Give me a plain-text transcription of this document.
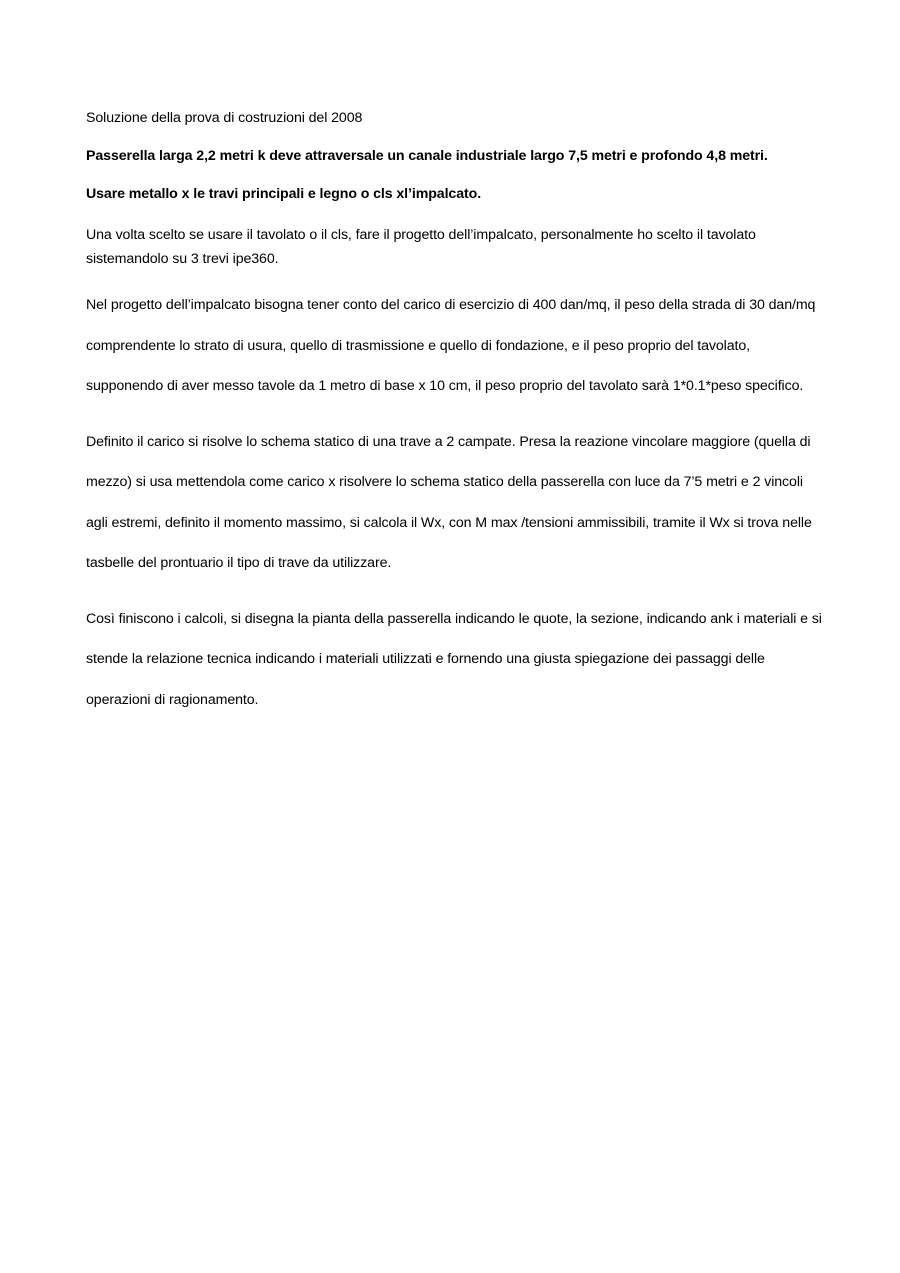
Soluzione della prova di costruzioni del 2008

Passerella larga 2,2 metri k deve attraversale un canale industriale largo 7,5 metri e profondo 4,8 metri.

Usare metallo x le travi principali e legno o cls xl’impalcato.

Una volta scelto se usare il tavolato o il cls, fare il progetto dell’impalcato, personalmente ho scelto il tavolato sistemandolo su 3 trevi ipe360.

Nel progetto dell’impalcato bisogna tener conto del carico di esercizio di 400 dan/mq, il peso della strada di 30 dan/mq comprendente lo strato di usura, quello di trasmissione e quello di fondazione, e il peso proprio del tavolato, supponendo di aver messo tavole da 1 metro di base x 10 cm, il peso proprio del tavolato sarà 1*0.1*peso specifico.

Definito il carico si risolve lo schema statico di una trave a 2 campate. Presa la reazione vincolare maggiore (quella di mezzo) si usa mettendola come carico x risolvere lo schema statico della passerella con luce da 7’5 metri e 2 vincoli agli estremi, definito il momento massimo, si calcola il Wx, con M max /tensioni ammissibili, tramite il Wx si trova nelle tasbelle del prontuario il tipo di trave da utilizzare.

Così finiscono i calcoli, si disegna la pianta della passerella indicando le quote, la sezione, indicando ank i materiali e si stende la relazione tecnica indicando i materiali utilizzati e fornendo una giusta spiegazione dei passaggi delle operazioni di ragionamento.
